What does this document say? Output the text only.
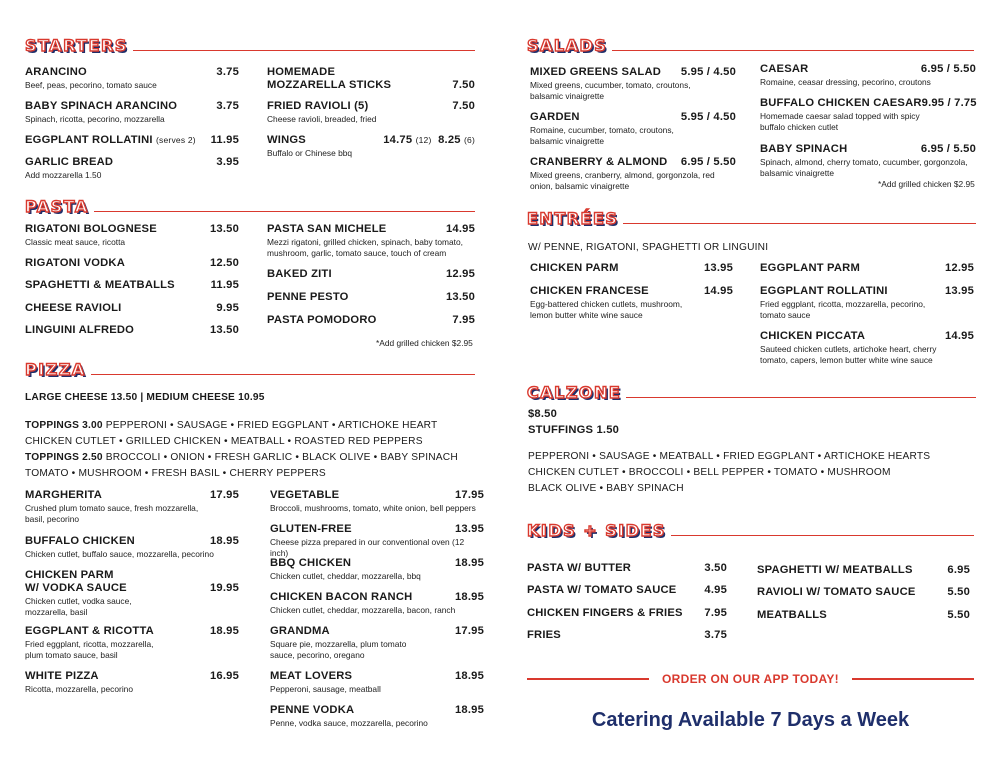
STARTERS
ARANCINO	3.75
Beef, peas, pecorino, tomato sauce
BABY SPINACH ARANCINO	3.75
Spinach, ricotta, pecorino, mozzarella
EGGPLANT ROLLATINI (serves 2) 11.95
GARLIC BREAD	3.95
Add mozzarella 1.50
HOMEMADE
MOZZARELLA STICKS	7.50
FRIED RAVIOLI (5)	7.50
Cheese ravioli, breaded, fried
WINGS	14.75 (12) 8.25 (6)
Buffalo or Chinese bbq
PASTA
RIGATONI BOLOGNESE	13.50
Classic meat sauce, ricotta
RIGATONI VODKA	12.50
SPAGHETTI & MEATBALLS	11.95
CHEESE RAVIOLI	9.95
LINGUINI ALFREDO	13.50
PASTA SAN MICHELE	14.95
Mezzi rigatoni, grilled chicken, spinach, baby tomato, mushroom, garlic, tomato sauce, touch of cream
BAKED ZITI	12.95
PENNE PESTO	13.50
PASTA POMODORO	7.95
*Add grilled chicken $2.95
PIZZA
LARGE CHEESE 13.50 | MEDIUM CHEESE 10.95
TOPPINGS 3.00 PEPPERONI • SAUSAGE • FRIED EGGPLANT • ARTICHOKE HEART
CHICKEN CUTLET • GRILLED CHICKEN • MEATBALL • ROASTED RED PEPPERS
TOPPINGS 2.50 BROCCOLI • ONION • FRESH GARLIC • BLACK OLIVE • BABY SPINACH
TOMATO • MUSHROOM • FRESH BASIL • CHERRY PEPPERS
MARGHERITA	17.95
Crushed plum tomato sauce, fresh mozzarella, basil, pecorino
BUFFALO CHICKEN	18.95
Chicken cutlet, buffalo sauce, mozzarella, pecorino
CHICKEN PARM
W/ VODKA SAUCE	19.95
Chicken cutlet, vodka sauce, mozzarella, basil
EGGPLANT & RICOTTA	18.95
Fried eggplant, ricotta, mozzarella, plum tomato sauce, basil
WHITE PIZZA	16.95
Ricotta, mozzarella, pecorino
VEGETABLE	17.95
Broccoli, mushrooms, tomato, white onion, bell peppers
GLUTEN-FREE	13.95
Cheese pizza prepared in our conventional oven (12 inch)
BBQ CHICKEN	18.95
Chicken cutlet, cheddar, mozzarella, bbq
CHICKEN BACON RANCH	18.95
Chicken cutlet, cheddar, mozzarella, bacon, ranch
GRANDMA	17.95
Square pie, mozzarella, plum tomato sauce, pecorino, oregano
MEAT LOVERS	18.95
Pepperoni, sausage, meatball
PENNE VODKA	18.95
Penne, vodka sauce, mozzarella, pecorino
SALADS
MIXED GREENS SALAD 5.95 / 4.50
Mixed greens, cucumber, tomato, croutons, balsamic vinaigrette
GARDEN	5.95 / 4.50
Romaine, cucumber, tomato, croutons, balsamic vinaigrette
CRANBERRY & ALMOND 6.95 / 5.50
Mixed greens, cranberry, almond, gorgonzola, red onion, balsamic vinaigrette
CAESAR	6.95 / 5.50
Romaine, ceasar dressing, pecorino, croutons
BUFFALO CHICKEN CAESAR 9.95 / 7.75
Homemade caesar salad topped with spicy buffalo chicken cutlet
BABY SPINACH	6.95 / 5.50
Spinach, almond, cherry tomato, cucumber, gorgonzola, balsamic vinaigrette
*Add grilled chicken $2.95
ENTRÉES
W/ PENNE, RIGATONI, SPAGHETTI OR LINGUINI
CHICKEN PARM	13.95
CHICKEN FRANCESE	14.95
Egg-battered chicken cutlets, mushroom, lemon butter white wine sauce
EGGPLANT PARM	12.95
EGGPLANT ROLLATINI	13.95
Fried eggplant, ricotta, mozzarella, pecorino, tomato sauce
CHICKEN PICCATA	14.95
Sauteed chicken cutlets, artichoke heart, cherry tomato, capers, lemon butter white wine sauce
CALZONE
$8.50
STUFFINGS 1.50
PEPPERONI • SAUSAGE • MEATBALL • FRIED EGGPLANT • ARTICHOKE HEARTS
CHICKEN CUTLET • BROCCOLI • BELL PEPPER • TOMATO • MUSHROOM
BLACK OLIVE • BABY SPINACH
KIDS + SIDES
PASTA W/ BUTTER	3.50
PASTA W/ TOMATO SAUCE 4.95
CHICKEN FINGERS & FRIES 7.95
FRIES	3.75
SPAGHETTI W/ MEATBALLS	6.95
RAVIOLI W/ TOMATO SAUCE	5.50
MEATBALLS	5.50
ORDER ON OUR APP TODAY!
Catering Available 7 Days a Week
